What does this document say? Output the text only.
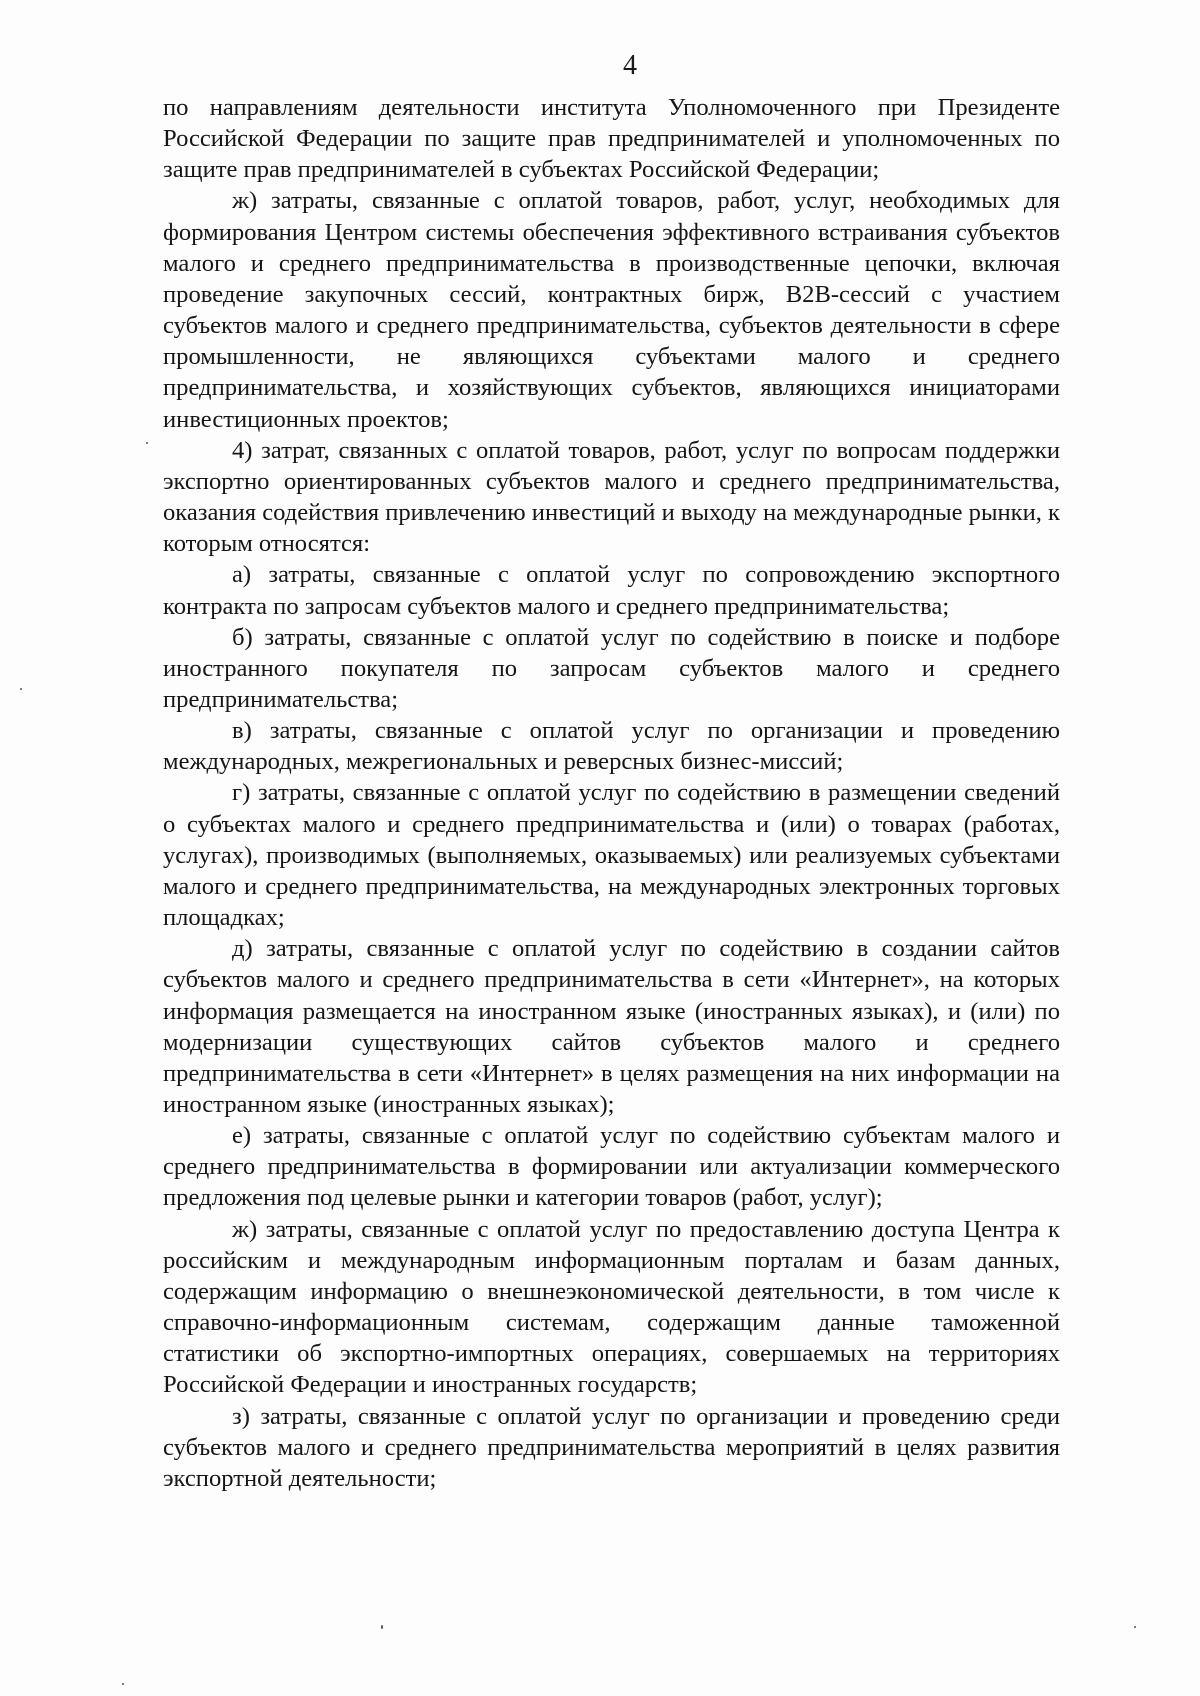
4

по направлениям деятельности института Уполномоченного при Президенте Российской Федерации по защите прав предпринимателей и уполномоченных по защите прав предпринимателей в субъектах Российской Федерации;

ж) затраты, связанные с оплатой товаров, работ, услуг, необходимых для формирования Центром системы обеспечения эффективного встраивания субъектов малого и среднего предпринимательства в производственные цепочки, включая проведение закупочных сессий, контрактных бирж, B2B-сессий с участием субъектов малого и среднего предпринимательства, субъектов деятельности в сфере промышленности, не являющихся субъектами малого и среднего предпринимательства, и хозяйствующих субъектов, являющихся инициаторами инвестиционных проектов;

4) затрат, связанных с оплатой товаров, работ, услуг по вопросам поддержки экспортно ориентированных субъектов малого и среднего предпринимательства, оказания содействия привлечению инвестиций и выходу на международные рынки, к которым относятся:

а) затраты, связанные с оплатой услуг по сопровождению экспортного контракта по запросам субъектов малого и среднего предпринимательства;

б) затраты, связанные с оплатой услуг по содействию в поиске и подборе иностранного покупателя по запросам субъектов малого и среднего предпринимательства;

в) затраты, связанные с оплатой услуг по организации и проведению международных, межрегиональных и реверсных бизнес-миссий;

г) затраты, связанные с оплатой услуг по содействию в размещении сведений о субъектах малого и среднего предпринимательства и (или) о товарах (работах, услугах), производимых (выполняемых, оказываемых) или реализуемых субъектами малого и среднего предпринимательства, на международных электронных торговых площадках;

д) затраты, связанные с оплатой услуг по содействию в создании сайтов субъектов малого и среднего предпринимательства в сети «Интернет», на которых информация размещается на иностранном языке (иностранных языках), и (или) по модернизации существующих сайтов субъектов малого и среднего предпринимательства в сети «Интернет» в целях размещения на них информации на иностранном языке (иностранных языках);

е) затраты, связанные с оплатой услуг по содействию субъектам малого и среднего предпринимательства в формировании или актуализации коммерческого предложения под целевые рынки и категории товаров (работ, услуг);

ж) затраты, связанные с оплатой услуг по предоставлению доступа Центра к российским и международным информационным порталам и базам данных, содержащим информацию о внешнеэкономической деятельности, в том числе к справочно-информационным системам, содержащим данные таможенной статистики об экспортно-импортных операциях, совершаемых на территориях Российской Федерации и иностранных государств;

з) затраты, связанные с оплатой услуг по организации и проведению среди субъектов малого и среднего предпринимательства мероприятий в целях развития экспортной деятельности;
